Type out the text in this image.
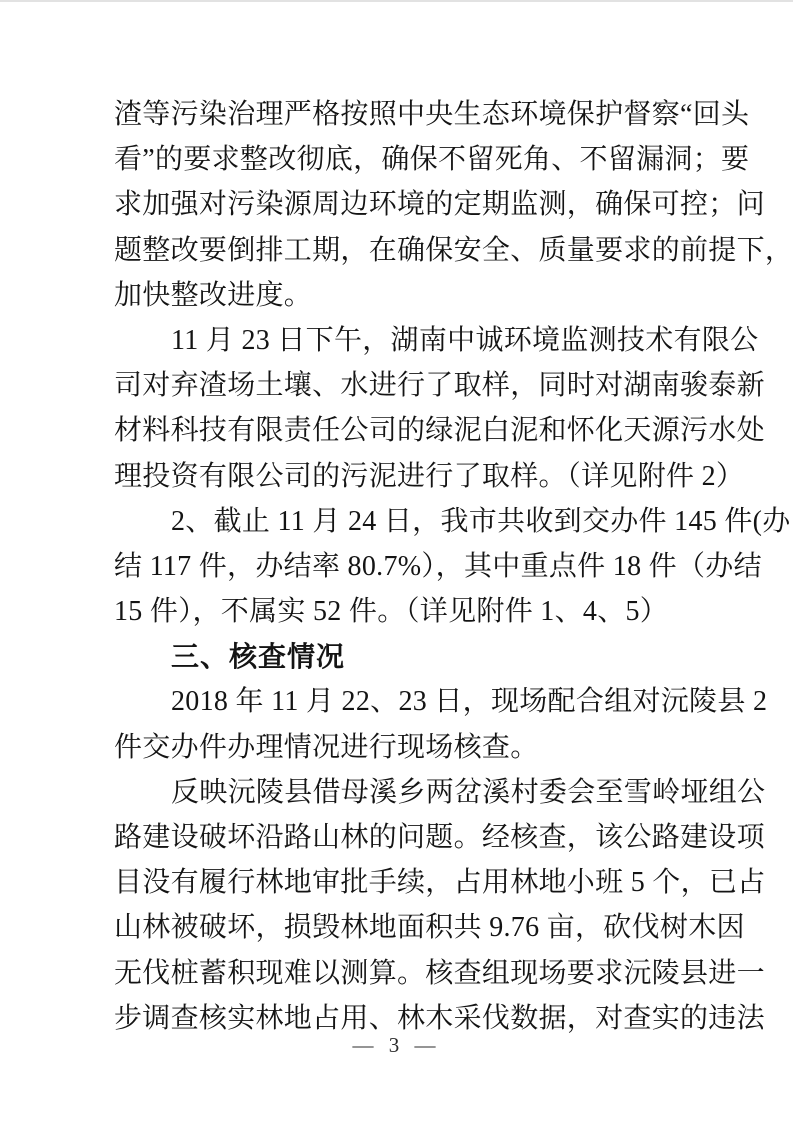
渣等污染治理严格按照中央生态环境保护督察“回头
看”的要求整改彻底，确保不留死角、不留漏洞；要
求加强对污染源周边环境的定期监测，确保可控；问
题整改要倒排工期，在确保安全、质量要求的前提下，
加快整改进度。
11 月 23 日下午，湖南中诚环境监测技术有限公
司对弃渣场土壤、水进行了取样，同时对湖南骏泰新
材料科技有限责任公司的绿泥白泥和怀化天源污水处
理投资有限公司的污泥进行了取样。（详见附件 2）
2、截止 11 月 24 日，我市共收到交办件 145 件(办
结 117 件，办结率 80.7%），其中重点件 18 件（办结
15 件），不属实 52 件。（详见附件 1、4、5）
三、核查情况
2018 年 11 月 22、23 日，现场配合组对沅陵县 2
件交办件办理情况进行现场核查。
反映沅陵县借母溪乡两岔溪村委会至雪岭垭组公
路建设破坏沿路山林的问题。经核查，该公路建设项
目没有履行林地审批手续，占用林地小班 5 个，已占
山林被破坏，损毁林地面积共 9.76 亩，砍伐树木因
无伐桩蓄积现难以测算。核查组现场要求沅陵县进一
步调查核实林地占用、林木采伐数据，对查实的违法
— 3 —
